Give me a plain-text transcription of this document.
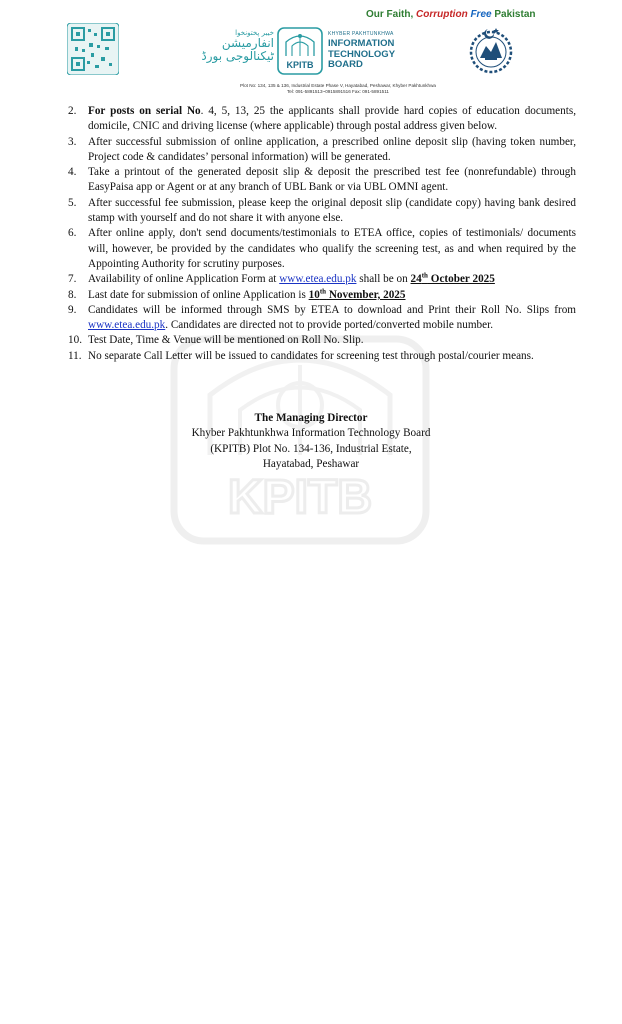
خیبر پختونخوا
انفارمیشن
ٹیکنالوجی بورڈ
KPITB
KHYBER PAKHTUNKHWA
INFORMATION
TECHNOLOGY
BOARD
Our Faith, Corruption Free Pakistan
Plot No: 134, 135 & 136, Industrial Estate Phase V, Hayatabad, Peshawar, Khyber Pakhtunkhwa
Tel: 091-5891513~0915891516 Fax: 091-5891511
KPITB
2. For posts on serial No. 4, 5, 13, 25 the applicants shall provide hard copies of education documents, domicile, CNIC and driving license (where applicable) through postal address given below.
3. After successful submission of online application, a prescribed online deposit slip (having token number, Project code & candidates’ personal information) will be generated.
4. Take a printout of the generated deposit slip & deposit the prescribed test fee (nonrefundable) through EasyPaisa app or Agent or at any branch of UBL Bank or via UBL OMNI agent.
5. After successful fee submission, please keep the original deposit slip (candidate copy) having bank desired stamp with yourself and do not share it with anyone else.
6. After online apply, don't send documents/testimonials to ETEA office, copies of testimonials/ documents will, however, be provided by the candidates who qualify the screening test, as and when required by the Appointing Authority for scrutiny purposes.
7. Availability of online Application Form at www.etea.edu.pk shall be on 24th October 2025
8. Last date for submission of online Application is 10th November, 2025
9. Candidates will be informed through SMS by ETEA to download and Print their Roll No. Slips from www.etea.edu.pk. Candidates are directed not to provide ported/converted mobile number.
10. Test Date, Time & Venue will be mentioned on Roll No. Slip.
11. No separate Call Letter will be issued to candidates for screening test through postal/courier means.
The Managing Director
Khyber Pakhtunkhwa Information Technology Board
(KPITB) Plot No. 134-136, Industrial Estate,
Hayatabad, Peshawar
